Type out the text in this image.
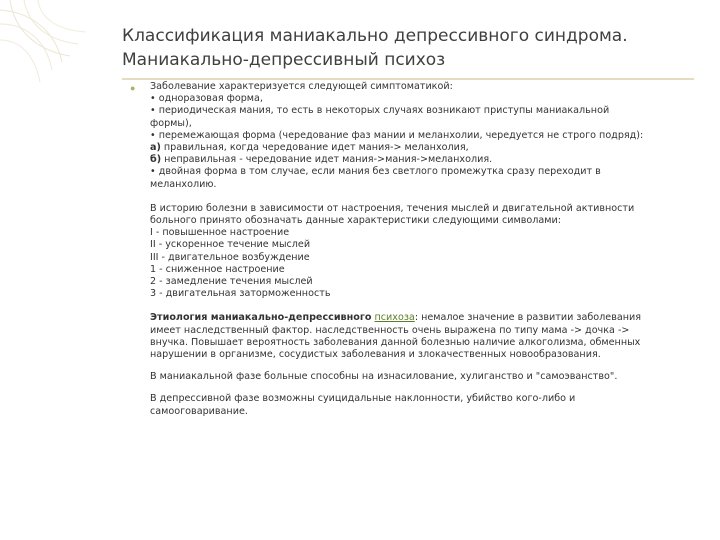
Классификация маниакально депрессивного синдрома.
Маниакально-депрессивный психоз
● Заболевание характеризуется следующей симптоматикой:
• одноразовая форма,
• периодическая мания, то есть в некоторых случаях возникают приступы маниакальной
формы),
• перемежающая форма (чередование фаз мании и меланхолии, чередуется не строго подряд):
а) правильная, когда чередование идет мания-> меланхолия,
б) неправильная - чередование идет мания->мания->меланхолия.
• двойная форма в том случае, если мания без светлого промежутка сразу переходит в
меланхолию.
В историю болезни в зависимости от настроения, течения мыслей и двигательной активности
больного принято обозначать данные характеристики следующими символами:
I - повышенное настроение
II - ускоренное течение мыслей
III - двигательное возбуждение
1 - сниженное настроение
2 - замедление течения мыслей
3 - двигательная заторможенность
Этиология маниакально-депрессивного психоза: немалое значение в развитии заболевания
имеет наследственный фактор. наследственность очень выражена по типу мама -> дочка ->
внучка. Повышает вероятность заболевания данной болезнью наличие алкоголизма, обменных
нарушении в организме, сосудистых заболевания и злокачественных новообразования.
В маниакальной фазе больные способны на изнасилование, хулиганство и "самоэванство".
В депрессивной фазе возможны суицидальные наклонности, убийство кого-либо и
самооговаривание.
